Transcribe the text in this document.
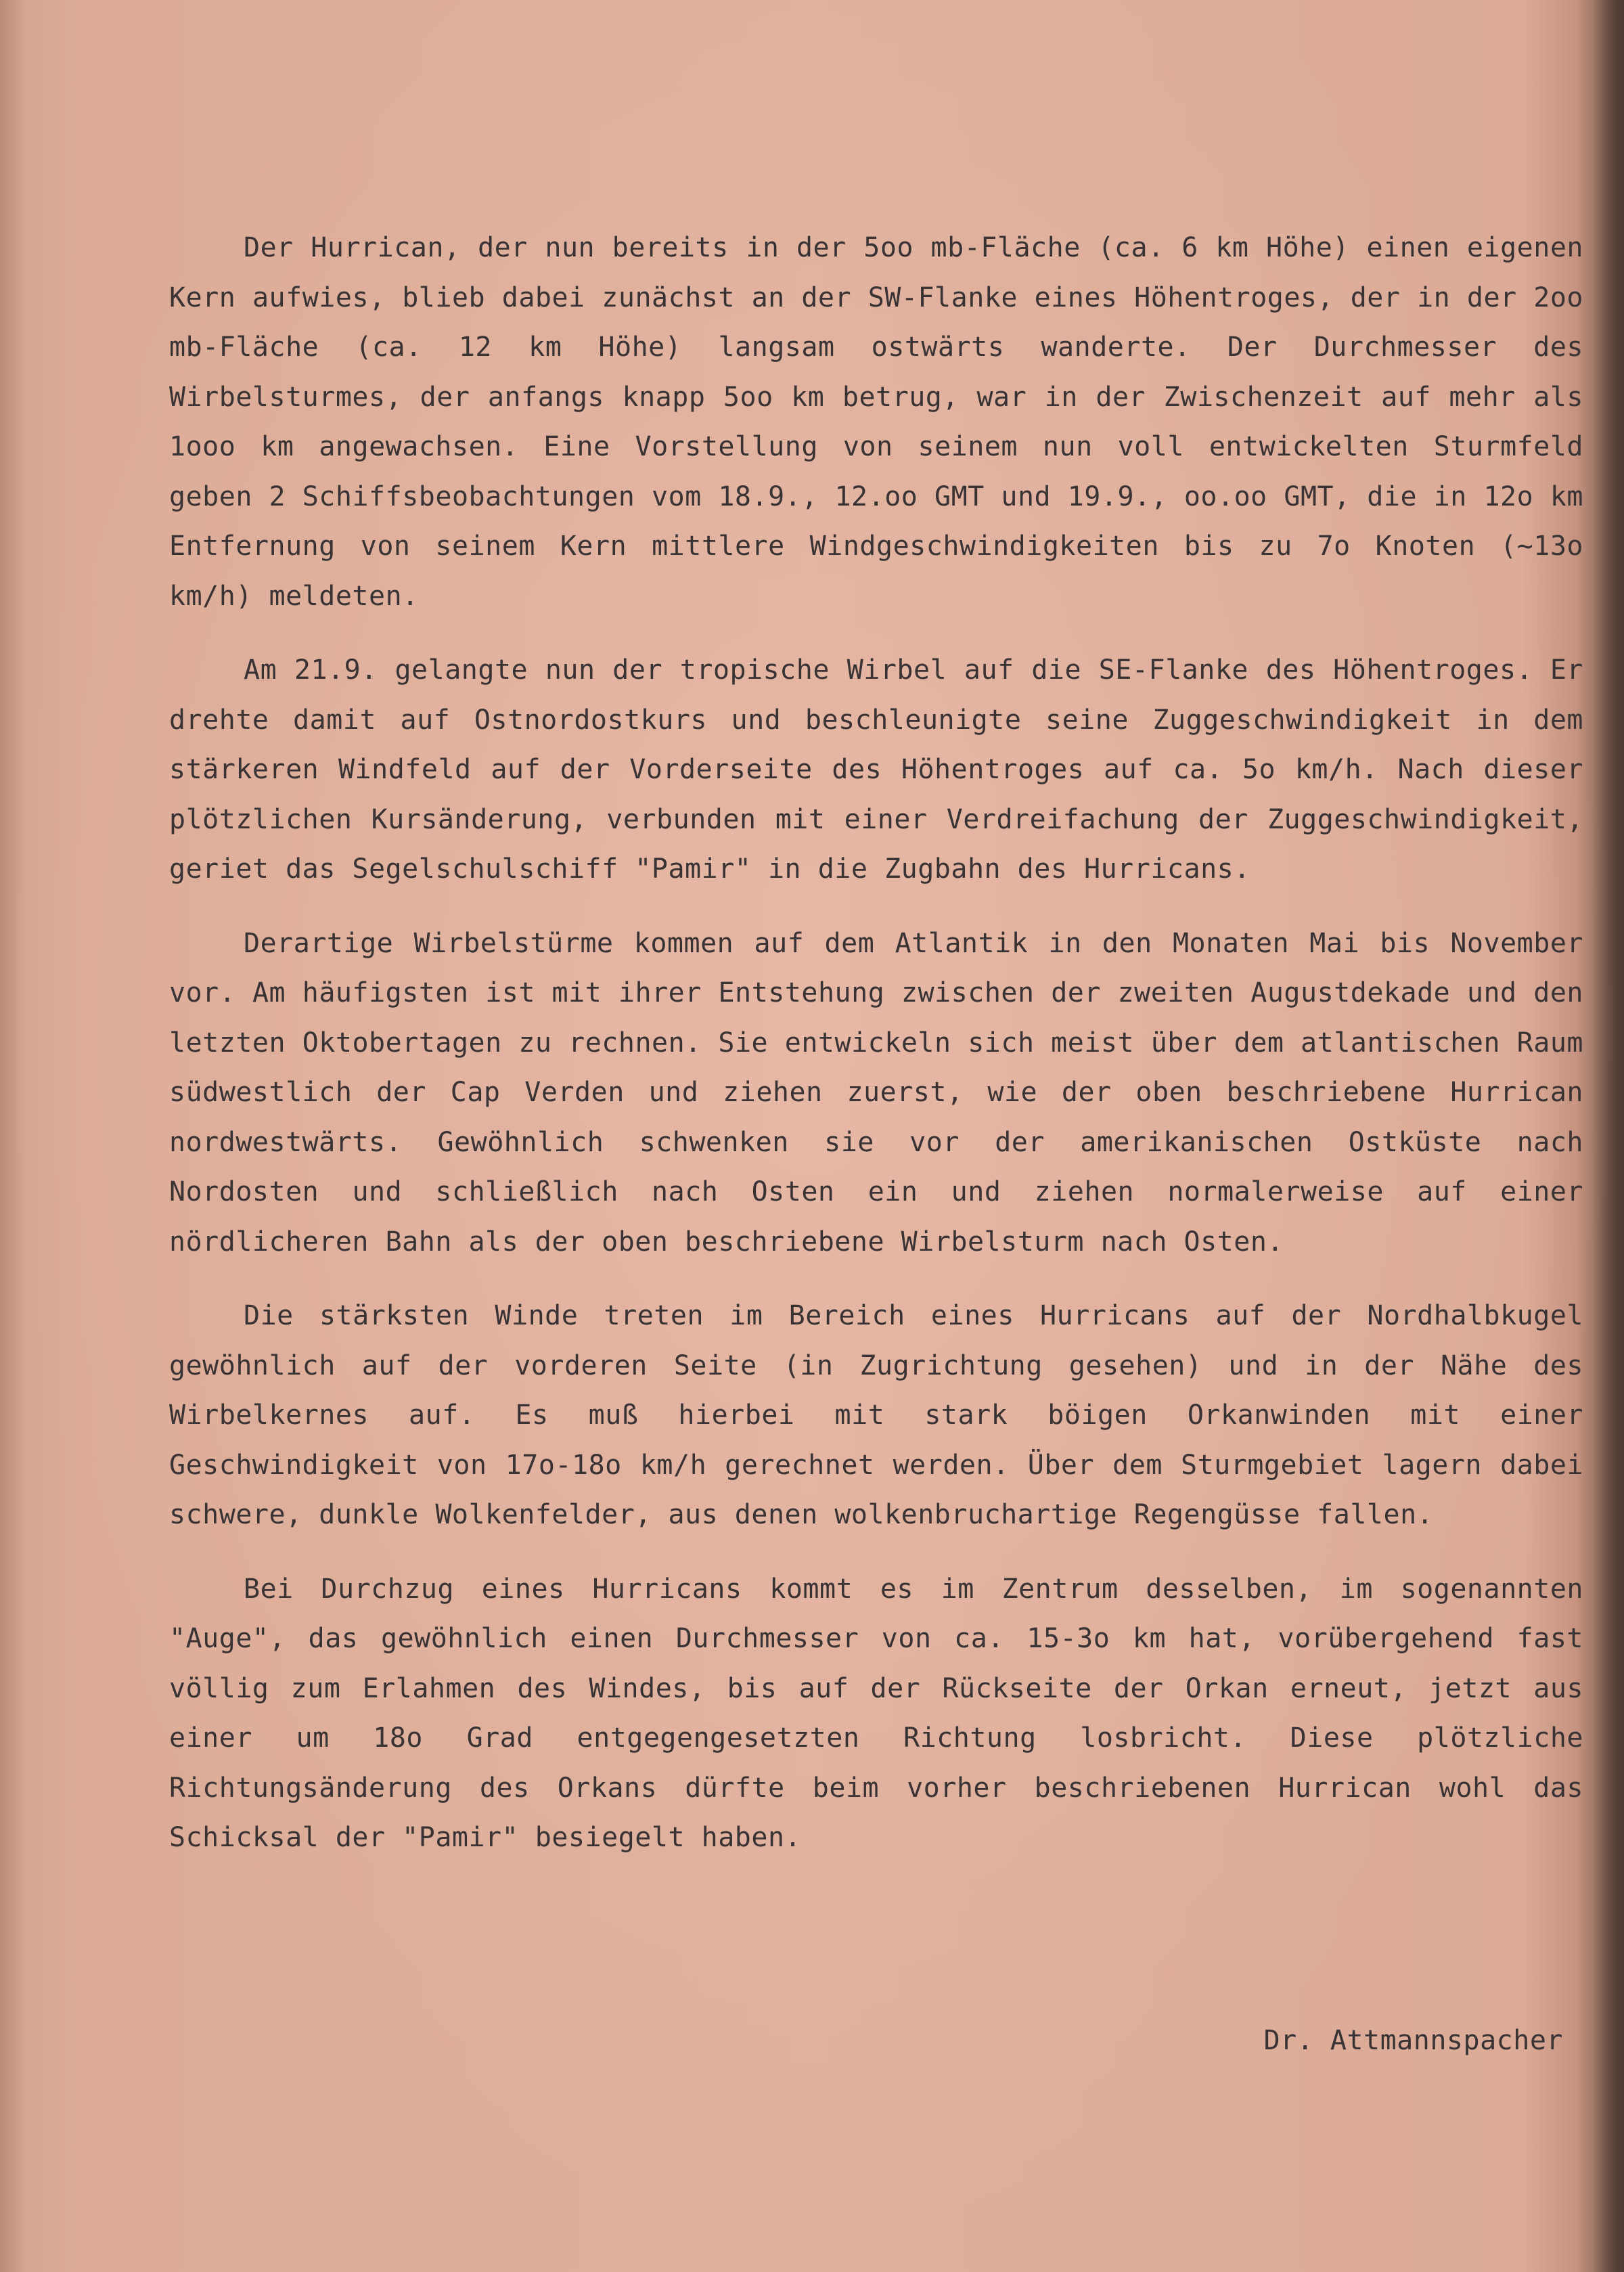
Der Hurrican, der nun bereits in der 5oo mb-Fläche (ca. 6 km Höhe) einen eigenen Kern aufwies, blieb dabei zunächst an der SW-Flanke eines Höhentroges, der in der 2oo mb-Fläche (ca. 12 km Höhe) langsam ostwärts wanderte. Der Durchmesser des Wirbelsturmes, der anfangs knapp 5oo km betrug, war in der Zwischenzeit auf mehr als 1ooo km angewachsen. Eine Vorstellung von seinem nun voll entwickelten Sturmfeld geben 2 Schiffsbeobachtungen vom 18.9., 12.oo GMT und 19.9., oo.oo GMT, die in 12o km Entfernung von seinem Kern mittlere Windgeschwindigkeiten bis zu 7o Knoten (~13o km/h) meldeten.

Am 21.9. gelangte nun der tropische Wirbel auf die SE-Flanke des Höhentroges. Er drehte damit auf Ostnordostkurs und beschleunigte seine Zuggeschwindigkeit in dem stärkeren Windfeld auf der Vorderseite des Höhentroges auf ca. 5o km/h. Nach dieser plötzlichen Kursänderung, verbunden mit einer Verdreifachung der Zuggeschwindigkeit, geriet das Segelschulschiff "Pamir" in die Zugbahn des Hurricans.

Derartige Wirbelstürme kommen auf dem Atlantik in den Monaten Mai bis November vor. Am häufigsten ist mit ihrer Entstehung zwischen der zweiten Augustdekade und den letzten Oktobertagen zu rechnen. Sie entwickeln sich meist über dem atlantischen Raum südwestlich der Cap Verden und ziehen zuerst, wie der oben beschriebene Hurrican nordwestwärts. Gewöhnlich schwenken sie vor der amerikanischen Ostküste nach Nordosten und schließlich nach Osten ein und ziehen normalerweise auf einer nördlicheren Bahn als der oben beschriebene Wirbelsturm nach Osten.

Die stärksten Winde treten im Bereich eines Hurricans auf der Nordhalbkugel gewöhnlich auf der vorderen Seite (in Zugrichtung gesehen) und in der Nähe des Wirbelkernes auf. Es muß hierbei mit stark böigen Orkanwinden mit einer Geschwindigkeit von 17o-18o km/h gerechnet werden. Über dem Sturmgebiet lagern dabei schwere, dunkle Wolkenfelder, aus denen wolkenbruchartige Regengüsse fallen.

Bei Durchzug eines Hurricans kommt es im Zentrum desselben, im sogenannten "Auge", das gewöhnlich einen Durchmesser von ca. 15-3o km hat, vorübergehend fast völlig zum Erlahmen des Windes, bis auf der Rückseite der Orkan erneut, jetzt aus einer um 18o Grad entgegengesetzten Richtung losbricht. Diese plötzliche Richtungsänderung des Orkans dürfte beim vorher beschriebenen Hurrican wohl das Schicksal der "Pamir" besiegelt haben.

Dr. Attmannspacher
